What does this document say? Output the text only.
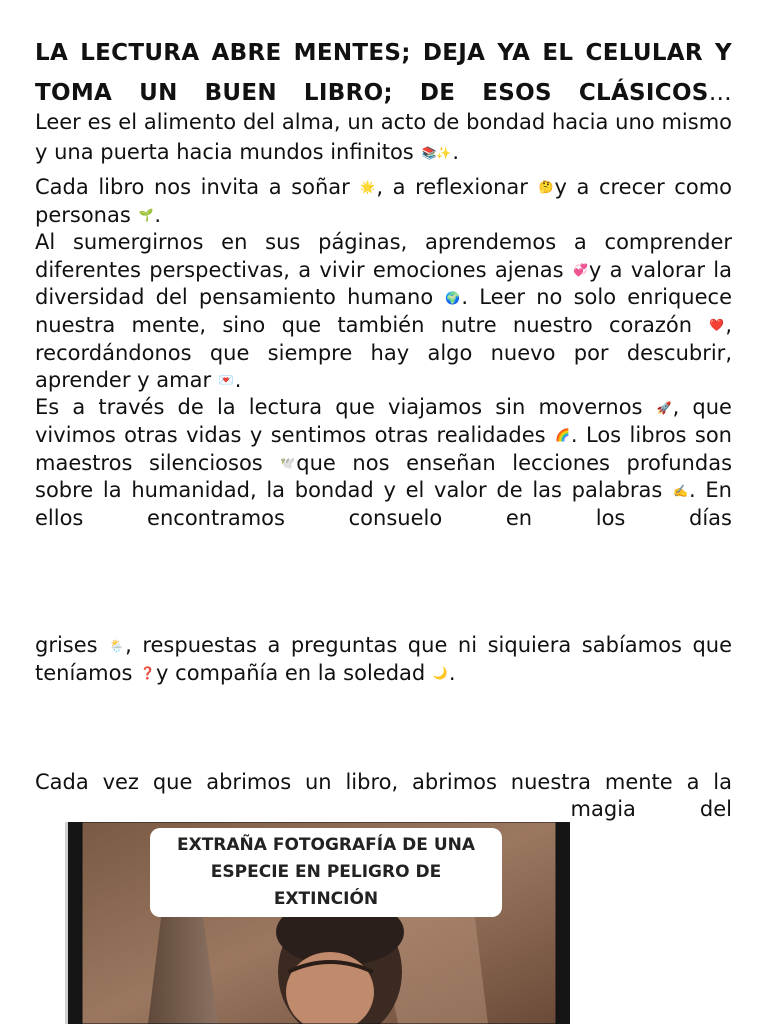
LA LECTURA ABRE MENTES; DEJA YA EL CELULAR Y TOMA UN BUEN LIBRO; DE ESOS CLÁSICOS…

Leer es el alimento del alma, un acto de bondad hacia uno mismo y una puerta hacia mundos infinitos 📚✨.

Cada libro nos invita a soñar 🌟, a reflexionar 🤔y a crecer como personas 🌱.

Al sumergirnos en sus páginas, aprendemos a comprender diferentes perspectivas, a vivir emociones ajenas 💞y a valorar la diversidad del pensamiento humano 🌍. Leer no solo enriquece nuestra mente, sino que también nutre nuestro corazón ❤️, recordándonos que siempre hay algo nuevo por descubrir, aprender y amar 💌.

Es a través de la lectura que viajamos sin movernos 🚀, que vivimos otras vidas y sentimos otras realidades 🌈. Los libros son maestros silenciosos 🕊️que nos enseñan lecciones profundas sobre la humanidad, la bondad y el valor de las palabras ✍️. En ellos encontramos consuelo en los días

grises 🌦️, respuestas a preguntas que ni siquiera sabíamos que teníamos ❓y compañía en la soledad 🌙.

Cada vez que abrimos un libro, abrimos nuestra mente a la
magia	del

EXTRAÑA FOTOGRAFÍA DE UNA
ESPECIE EN PELIGRO DE
EXTINCIÓN
